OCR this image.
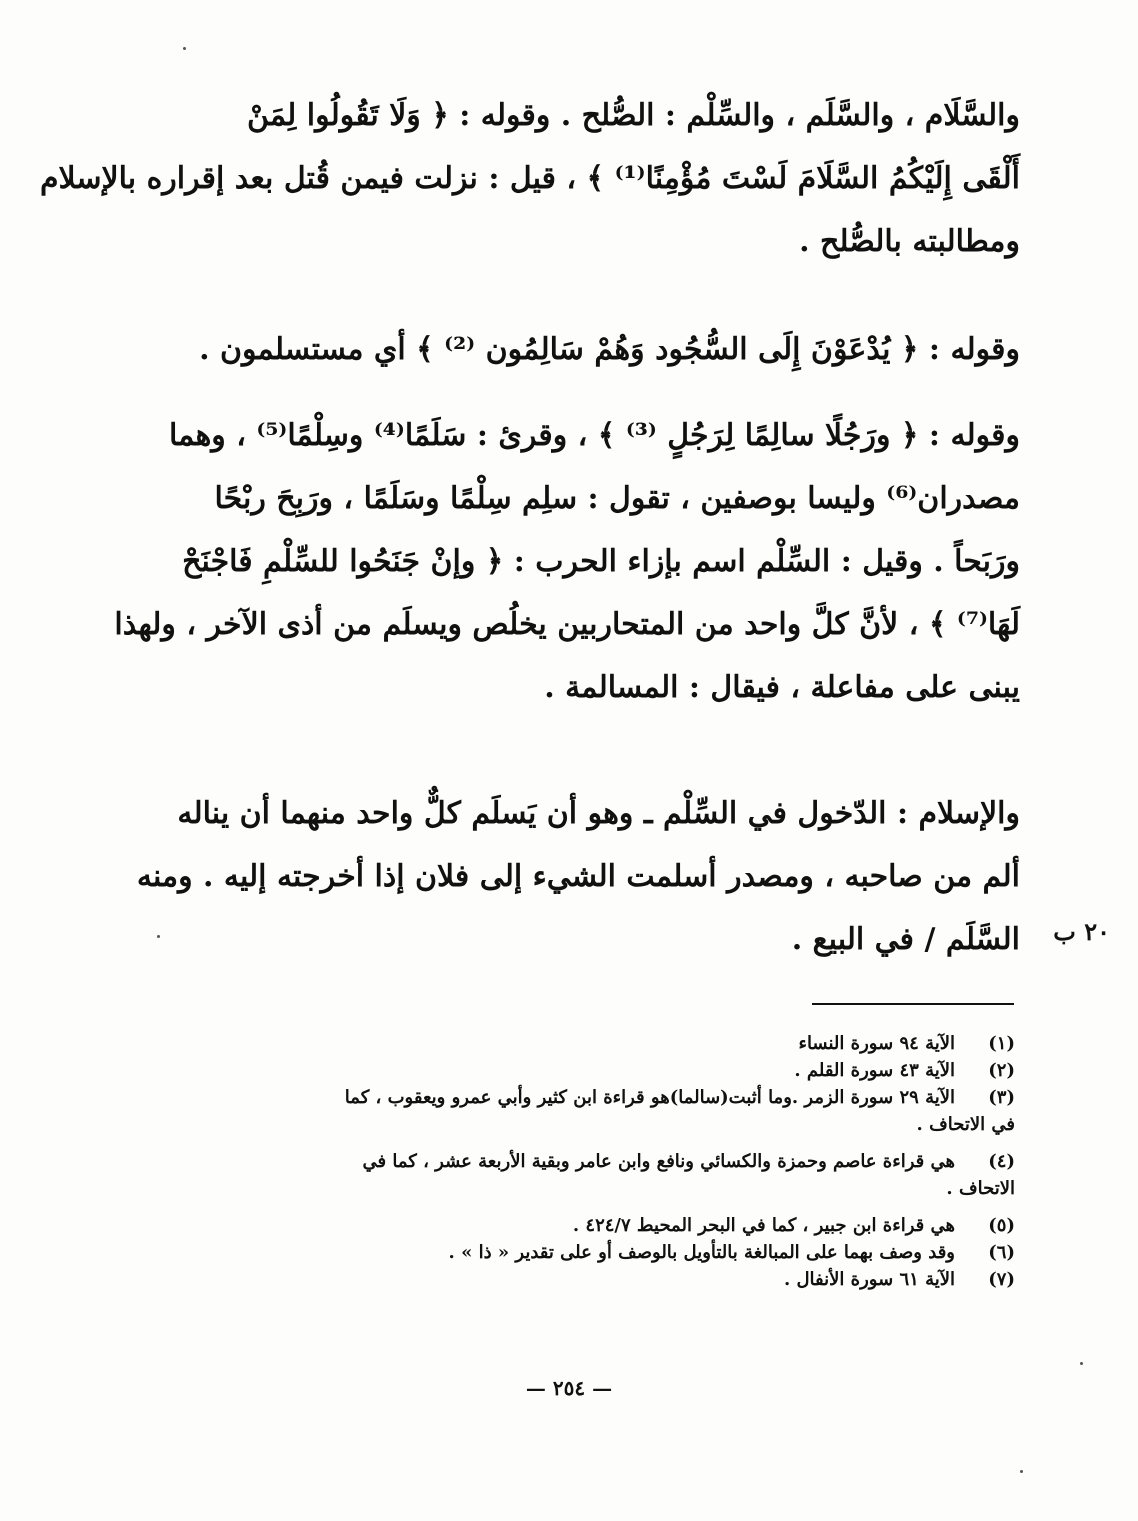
والسَّلَام ، والسَّلَم ، والسِّلْم : الصُّلح . وقوله : ﴿ وَلَا تَقُولُوا لِمَنْ
أَلْقَى إِلَيْكُمُ السَّلَامَ لَسْتَ مُؤْمِنًا⁽¹⁾ ﴾ ، قيل : نزلت فيمن قُتل بعد إقراره بالإسلام
ومطالبته بالصُّلح .

وقوله : ﴿ يُدْعَوْنَ إِلَى السُّجُود وَهُمْ سَالِمُون ⁽²⁾ ﴾ أي مستسلمون .

وقوله : ﴿ ورَجُلًا سالِمًا لِرَجُلٍ ⁽³⁾ ﴾ ، وقرئ : سَلَمًا⁽⁴⁾ وسِلْمًا⁽⁵⁾ ، وهما
مصدران⁽⁶⁾ وليسا بوصفين ، تقول : سلِم سِلْمًا وسَلَمًا ، ورَبِحَ ربْحًا
ورَبَحاً . وقيل : السِّلْم اسم بإزاء الحرب : ﴿ وإنْ جَنَحُوا للسِّلْمِ فَاجْنَحْ
لَهَا⁽⁷⁾ ﴾ ، لأنَّ كلَّ واحد من المتحاربين يخلُص ويسلَم من أذى الآخر ، ولهذا
يبنى على مفاعلة ، فيقال : المسالمة .

والإسلام : الدّخول في السِّلْم ـ وهو أن يَسلَم كلٌّ واحد منهما أن يناله
ألم من صاحبه ، ومصدر أسلمت الشيء إلى فلان إذا أخرجته إليه . ومنه
السَّلَم / في البيع .	٢٠ ب
(١)الآية ٩٤ سورة النساء
(٢)الآية ٤٣ سورة القلم .
(٣)الآية ٢٩ سورة الزمر .وما أثبت(سالما)هو قراءة ابن كثير وأبي عمرو ويعقوب ، كما
في الاتحاف .
(٤)هي قراءة عاصم وحمزة والكسائي ونافع وابن عامر وبقية الأربعة عشر ، كما في
الاتحاف .
(٥)هي قراءة ابن جبير ، كما في البحر المحيط ٤٢٤/٧ .
(٦)وقد وصف بهما على المبالغة بالتأويل بالوصف أو على تقدير « ذا » .
(٧)الآية ٦١ سورة الأنفال .
— ٢٥٤ —
